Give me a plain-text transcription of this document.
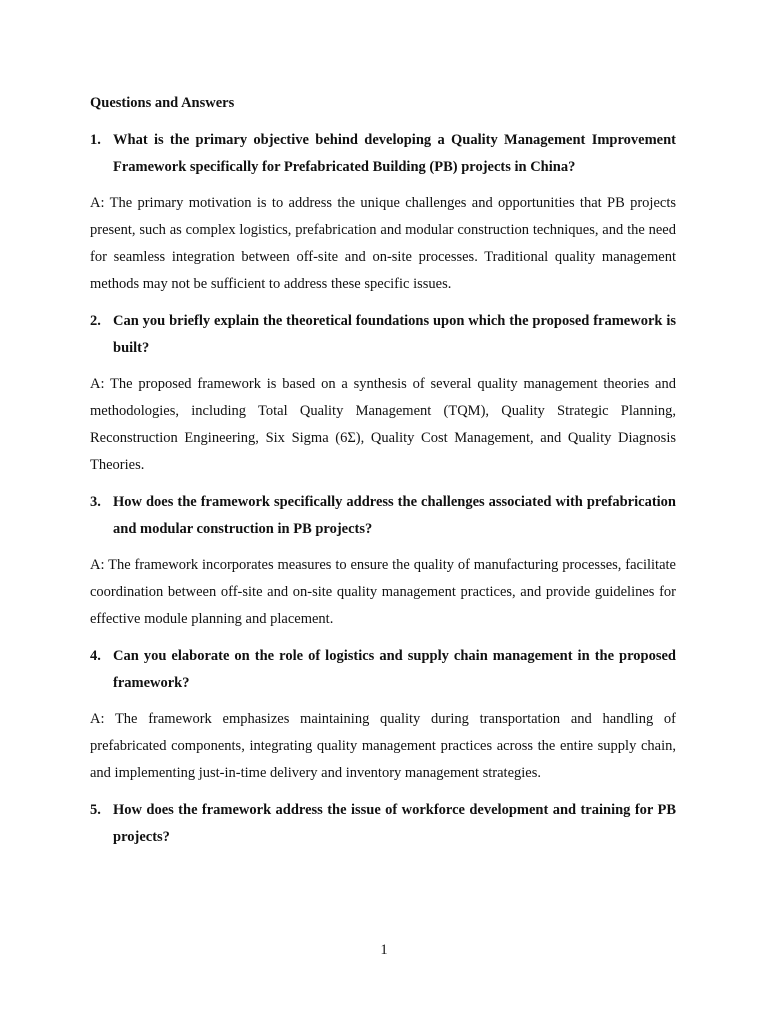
Questions and Answers
1. What is the primary objective behind developing a Quality Management Improvement Framework specifically for Prefabricated Building (PB) projects in China?
A: The primary motivation is to address the unique challenges and opportunities that PB projects present, such as complex logistics, prefabrication and modular construction techniques, and the need for seamless integration between off-site and on-site processes. Traditional quality management methods may not be sufficient to address these specific issues.
2. Can you briefly explain the theoretical foundations upon which the proposed framework is built?
A: The proposed framework is based on a synthesis of several quality management theories and methodologies, including Total Quality Management (TQM), Quality Strategic Planning, Reconstruction Engineering, Six Sigma (6Σ), Quality Cost Management, and Quality Diagnosis Theories.
3. How does the framework specifically address the challenges associated with prefabrication and modular construction in PB projects?
A: The framework incorporates measures to ensure the quality of manufacturing processes, facilitate coordination between off-site and on-site quality management practices, and provide guidelines for effective module planning and placement.
4. Can you elaborate on the role of logistics and supply chain management in the proposed framework?
A: The framework emphasizes maintaining quality during transportation and handling of prefabricated components, integrating quality management practices across the entire supply chain, and implementing just-in-time delivery and inventory management strategies.
5. How does the framework address the issue of workforce development and training for PB projects?
1
